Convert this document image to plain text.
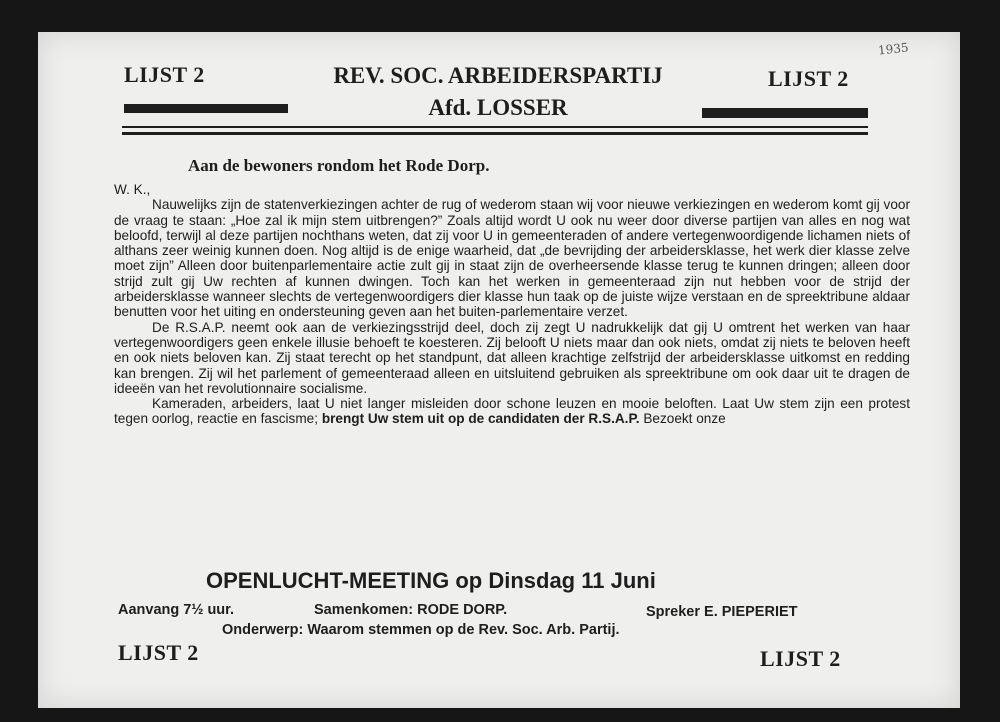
1935
LIJST 2	REV. SOC. ARBEIDERSPARTIJ
Afd. LOSSER
LIJST 2
Aan de bewoners rondom het Rode Dorp.

W. K.,

Nauwelijks zijn de statenverkiezingen achter de rug of wederom staan wij voor nieuwe verkiezingen en wederom komt gij voor de vraag te staan: „Hoe zal ik mijn stem uitbrengen?” Zoals altijd wordt U ook nu weer door diverse partijen van alles en nog wat beloofd, terwijl al deze partijen nochthans weten, dat zij voor U in gemeenteraden of andere vertegenwoordigende lichamen niets of althans zeer weinig kunnen doen. Nog altijd is de enige waarheid, dat „de bevrijding der arbeidersklasse, het werk dier klasse zelve moet zijn” Alleen door buitenparlementaire actie zult gij in staat zijn de overheersende klasse terug te kunnen dringen; alleen door strijd zult gij Uw rechten af kunnen dwingen. Toch kan het werken in gemeenteraad zijn nut hebben voor de strijd der arbeidersklasse wanneer slechts de vertegenwoordigers dier klasse hun taak op de juiste wijze verstaan en de spreektribune aldaar benutten voor het uiting en ondersteuning geven aan het buiten-parlementaire verzet.

De R.S.A.P. neemt ook aan de verkiezingsstrijd deel, doch zij zegt U nadrukkelijk dat gij U omtrent het werken van haar vertegenwoordigers geen enkele illusie behoeft te koesteren. Zij belooft U niets maar dan ook niets, omdat zij niets te beloven heeft en ook niets beloven kan. Zij staat terecht op het standpunt, dat alleen krachtige zelfstrijd der arbeidersklasse uitkomst en redding kan brengen. Zij wil het parlement of gemeenteraad alleen en uitsluitend gebruiken als spreektribune om ook daar uit te dragen de ideeën van het revolutionnaire socialisme.

Kameraden, arbeiders, laat U niet langer misleiden door schone leuzen en mooie beloften. Laat Uw stem zijn een protest tegen oorlog, reactie en fascisme; brengt Uw stem uit op de candidaten der R.S.A.P. Bezoekt onze

OPENLUCHT-MEETING op Dinsdag 11 Juni
Aanvang 7½ uur.	Samenkomen: RODE DORP.	Spreker E. PIEPERIET
Onderwerp: Waarom stemmen op de Rev. Soc. Arb. Partij.
LIJST 2	LIJST 2
